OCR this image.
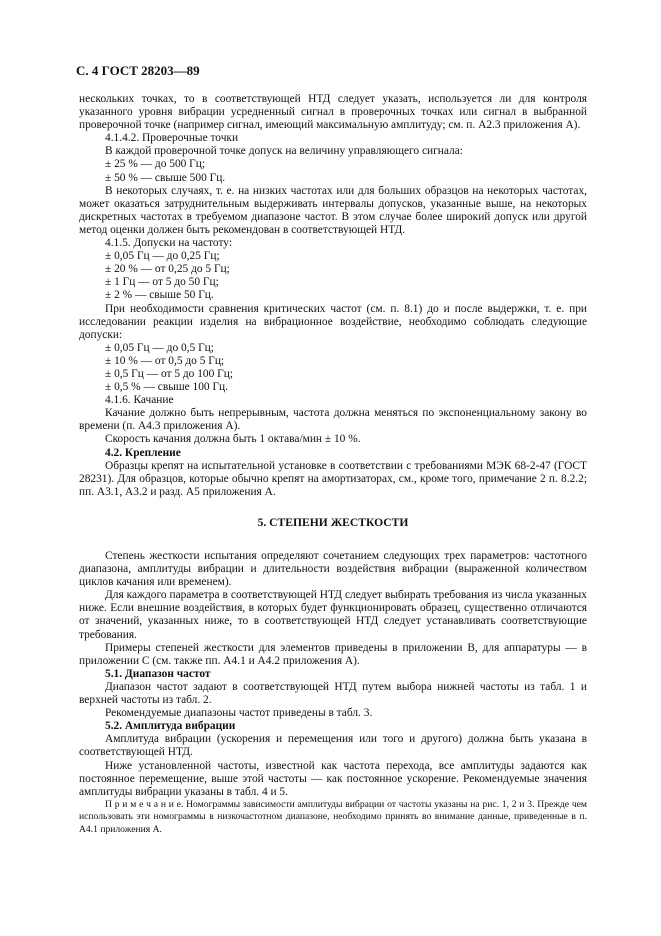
С. 4 ГОСТ 28203—89

нескольких точках, то в соответствующей НТД следует указать, используется ли для контроля указанного уровня вибрации усредненный сигнал в проверочных точках или сигнал в выбранной проверочной точке (например сигнал, имеющий максимальную амплитуду; см. п. А2.3 приложения А).

4.1.4.2. Проверочные точки

В каждой проверочной точке допуск на величину управляющего сигнала:

± 25 % — до 500 Гц;

± 50 % — свыше 500 Гц.

В некоторых случаях, т. е. на низких частотах или для больших образцов на некоторых частотах, может оказаться затруднительным выдерживать интервалы допусков, указанные выше, на некоторых дискретных частотах в требуемом диапазоне частот. В этом случае более широкий допуск или другой метод оценки должен быть рекомендован в соответствующей НТД.

4.1.5. Допуски на частоту:

± 0,05 Гц — до 0,25 Гц;

± 20 % — от 0,25 до 5 Гц;

± 1 Гц — от 5 до 50 Гц;

± 2 % — свыше 50 Гц.

При необходимости сравнения критических частот (см. п. 8.1) до и после выдержки, т. е. при исследовании реакции изделия на вибрационное воздействие, необходимо соблюдать следующие допуски:

± 0,05 Гц — до 0,5 Гц;

± 10 % — от 0,5 до 5 Гц;

± 0,5 Гц — от 5 до 100 Гц;

± 0,5 % — свыше 100 Гц.

4.1.6. Качание

Качание должно быть непрерывным, частота должна меняться по экспоненциальному закону во времени (п. А4.3 приложения А).

Скорость качания должна быть 1 октава/мин ± 10 %.

4.2. Крепление

Образцы крепят на испытательной установке в соответствии с требованиями МЭК 68-2-47 (ГОСТ 28231). Для образцов, которые обычно крепят на амортизаторах, см., кроме того, примечание 2 п. 8.2.2; пп. А3.1, А3.2 и разд. А5 приложения А.

5. СТЕПЕНИ ЖЕСТКОСТИ

Степень жесткости испытания определяют сочетанием следующих трех параметров: частотного диапазона, амплитуды вибрации и длительности воздействия вибрации (выраженной количеством циклов качания или временем).

Для каждого параметра в соответствующей НТД следует выбирать требования из числа указанных ниже. Если внешние воздействия, в которых будет функционировать образец, существенно отличаются от значений, указанных ниже, то в соответствующей НТД следует устанавливать соответствующие требования.

Примеры степеней жесткости для элементов приведены в приложении В, для аппаратуры — в приложении С (см. также пп. А4.1 и А4.2 приложения А).

5.1. Диапазон частот

Диапазон частот задают в соответствующей НТД путем выбора нижней частоты из табл. 1 и верхней частоты из табл. 2.

Рекомендуемые диапазоны частот приведены в табл. 3.

5.2. Амплитуда вибрации

Амплитуда вибрации (ускорения и перемещения или того и другого) должна быть указана в соответствующей НТД.

Ниже установленной частоты, известной как частота перехода, все амплитуды задаются как постоянное перемещение, выше этой частоты — как постоянное ускорение. Рекомендуемые значения амплитуды вибрации указаны в табл. 4 и 5.

П р и м е ч а н и е. Номограммы зависимости амплитуды вибрации от частоты указаны на рис. 1, 2 и 3. Прежде чем использовать эти номограммы в низкочастотном диапазоне, необходимо принять во внимание данные, приведенные в п. А4.1 приложения А.
